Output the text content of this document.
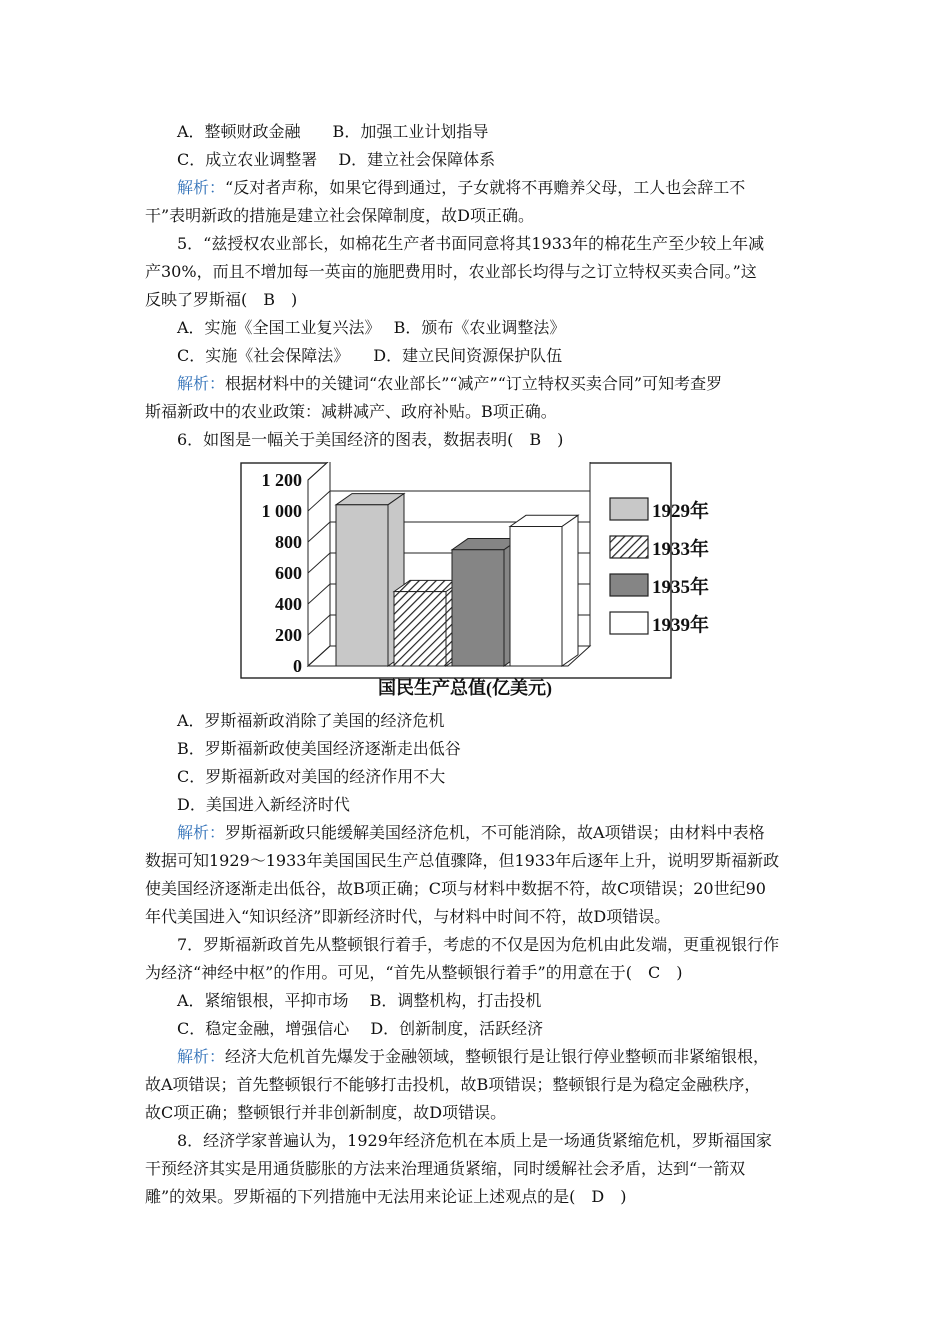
A．整顿财政金融　　B．加强工业计划指导
C．成立农业调整署　 D．建立社会保障体系
解析：“反对者声称，如果它得到通过，子女就将不再赡养父母，工人也会辞工不
干”表明新政的措施是建立社会保障制度，故D项正确。
5．“兹授权农业部长，如棉花生产者书面同意将其1933年的棉花生产至少较上年减
产30%，而且不增加每一英亩的施肥费用时，农业部长均得与之订立特权买卖合同。”这
反映了罗斯福(　B　)
A．实施《全国工业复兴法》　 B．颁布《农业调整法》
C．实施《社会保障法》　　D．建立民间资源保护队伍
解析：根据材料中的关键词“农业部长”“减产”“订立特权买卖合同”可知考查罗
斯福新政中的农业政策：减耕减产、政府补贴。B项正确。
6．如图是一幅关于美国经济的图表，数据表明(　B　)
0
200
400
600
800
1 000
1 200
1929年
1933年
1935年
1939年
国民生产总值(亿美元)
A．罗斯福新政消除了美国的经济危机
B．罗斯福新政使美国经济逐渐走出低谷
C．罗斯福新政对美国的经济作用不大
D．美国进入新经济时代
解析：罗斯福新政只能缓解美国经济危机，不可能消除，故A项错误；由材料中表格
数据可知1929～1933年美国国民生产总值骤降，但1933年后逐年上升，说明罗斯福新政
使美国经济逐渐走出低谷，故B项正确；C项与材料中数据不符，故C项错误；20世纪90
年代美国进入“知识经济”即新经济时代，与材料中时间不符，故D项错误。
7．罗斯福新政首先从整顿银行着手，考虑的不仅是因为危机由此发端，更重视银行作
为经济“神经中枢”的作用。可见，“首先从整顿银行着手”的用意在于(　C　)
A．紧缩银根，平抑市场　 B．调整机构，打击投机
C．稳定金融，增强信心　 D．创新制度，活跃经济
解析：经济大危机首先爆发于金融领域，整顿银行是让银行停业整顿而非紧缩银根，
故A项错误；首先整顿银行不能够打击投机，故B项错误；整顿银行是为稳定金融秩序，
故C项正确；整顿银行并非创新制度，故D项错误。
8．经济学家普遍认为，1929年经济危机在本质上是一场通货紧缩危机，罗斯福国家
干预经济其实是用通货膨胀的方法来治理通货紧缩，同时缓解社会矛盾，达到“一箭双
雕”的效果。罗斯福的下列措施中无法用来论证上述观点的是(　D　)
